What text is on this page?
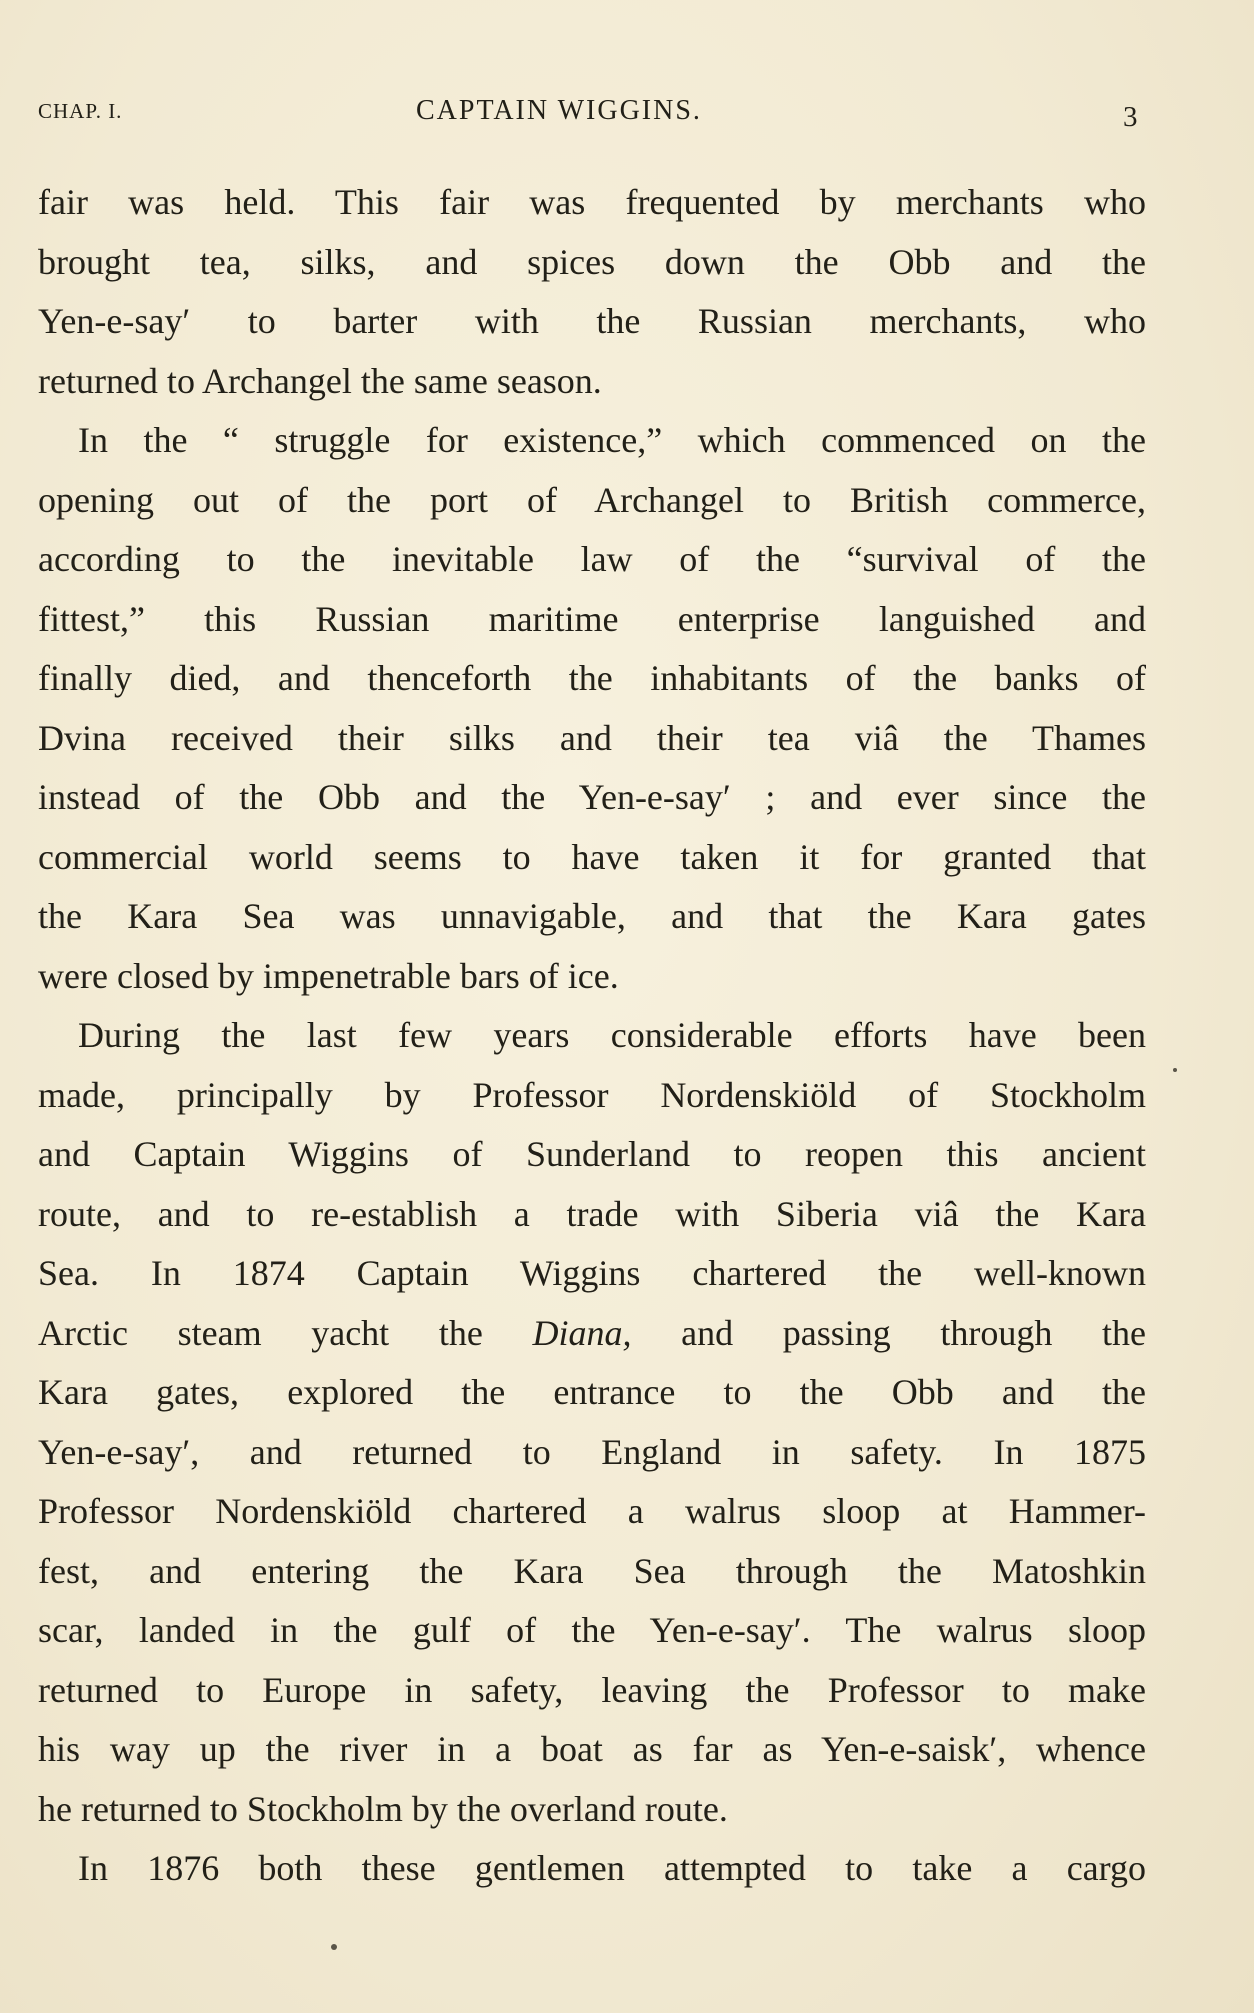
CHAP. I.	CAPTAIN WIGGINS.	3
fair was held. This fair was frequented by merchants who
brought tea, silks, and spices down the Obb and the
Yen-e-say′ to barter with the Russian merchants, who
returned to Archangel the same season.
In the “ struggle for existence,” which commenced on the
opening out of the port of Archangel to British commerce,
according to the inevitable law of the “survival of the
fittest,” this Russian maritime enterprise languished and
finally died, and thenceforth the inhabitants of the banks of
Dvina received their silks and their tea viâ the Thames
instead of the Obb and the Yen-e-say′ ; and ever since the
commercial world seems to have taken it for granted that
the Kara Sea was unnavigable, and that the Kara gates
were closed by impenetrable bars of ice.
During the last few years considerable efforts have been
made, principally by Professor Nordenskiöld of Stockholm
and Captain Wiggins of Sunderland to reopen this ancient
route, and to re-establish a trade with Siberia viâ the Kara
Sea. In 1874 Captain Wiggins chartered the well-known
Arctic steam yacht the Diana, and passing through the
Kara gates, explored the entrance to the Obb and the
Yen-e-say′, and returned to England in safety. In 1875
Professor Nordenskiöld chartered a walrus sloop at Hammer-
fest, and entering the Kara Sea through the Matoshkin
scar, landed in the gulf of the Yen-e-say′. The walrus sloop
returned to Europe in safety, leaving the Professor to make
his way up the river in a boat as far as Yen-e-saisk′, whence
he returned to Stockholm by the overland route.
In 1876 both these gentlemen attempted to take a cargo
